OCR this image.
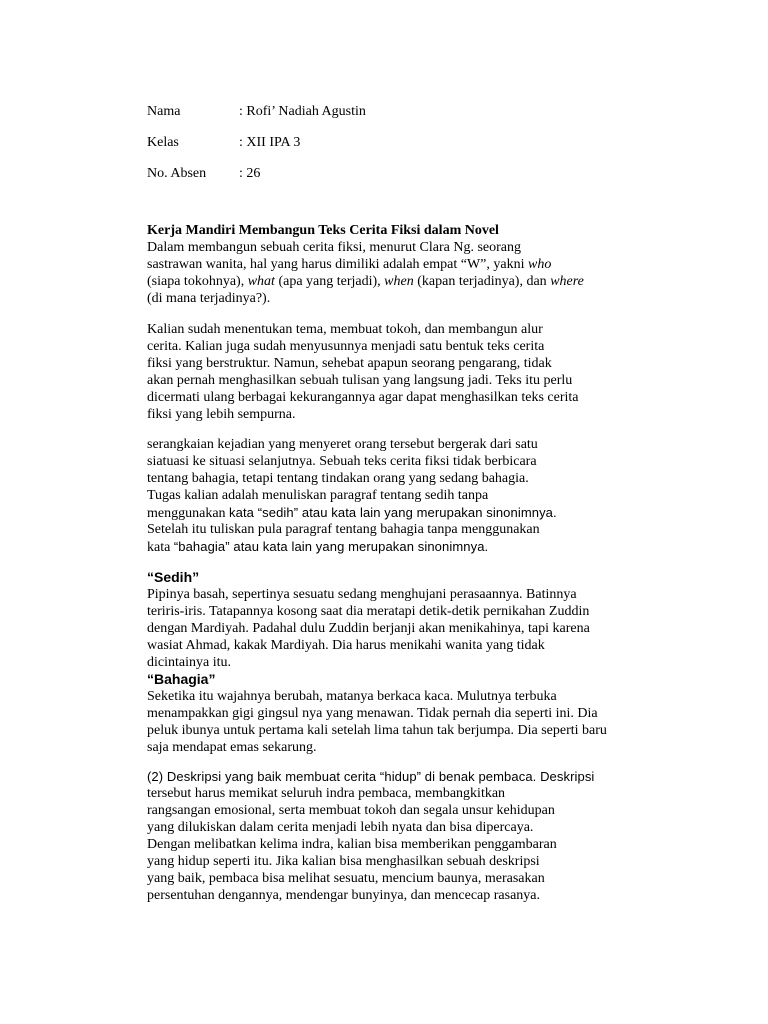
Nama	: Rofi’ Nadiah Agustin
Kelas	: XII IPA 3
No. Absen : 26
Kerja Mandiri Membangun Teks Cerita Fiksi dalam Novel
Dalam membangun sebuah cerita fiksi, menurut Clara Ng. seorang
sastrawan wanita, hal yang harus dimiliki adalah empat “W”, yakni who
(siapa tokohnya), what (apa yang terjadi), when (kapan terjadinya), dan where
(di mana terjadinya?).
Kalian sudah menentukan tema, membuat tokoh, dan membangun alur
cerita. Kalian juga sudah menyusunnya menjadi satu bentuk teks cerita
fiksi yang berstruktur. Namun, sehebat apapun seorang pengarang, tidak
akan pernah menghasilkan sebuah tulisan yang langsung jadi. Teks itu perlu
dicermati ulang berbagai kekurangannya agar dapat menghasilkan teks cerita
fiksi yang lebih sempurna.
serangkaian kejadian yang menyeret orang tersebut bergerak dari satu
siatuasi ke situasi selanjutnya. Sebuah teks cerita fiksi tidak berbicara
tentang bahagia, tetapi tentang tindakan orang yang sedang bahagia.
Tugas kalian adalah menuliskan paragraf tentang sedih tanpa
menggunakan kata “sedih” atau kata lain yang merupakan sinonimnya.
Setelah itu tuliskan pula paragraf tentang bahagia tanpa menggunakan
kata “bahagia” atau kata lain yang merupakan sinonimnya.
“Sedih”
Pipinya basah, sepertinya sesuatu sedang menghujani perasaannya. Batinnya
teriris-iris. Tatapannya kosong saat dia meratapi detik-detik pernikahan Zuddin
dengan Mardiyah. Padahal dulu Zuddin berjanji akan menikahinya, tapi karena
wasiat Ahmad, kakak Mardiyah. Dia harus menikahi wanita yang tidak
dicintainya itu.
“Bahagia”
Seketika itu wajahnya berubah, matanya berkaca kaca. Mulutnya terbuka
menampakkan gigi gingsul nya yang menawan. Tidak pernah dia seperti ini. Dia
peluk ibunya untuk pertama kali setelah lima tahun tak berjumpa. Dia seperti baru
saja mendapat emas sekarung.
(2) Deskripsi yang baik membuat cerita “hidup” di benak pembaca. Deskripsi
tersebut harus memikat seluruh indra pembaca, membangkitkan
rangsangan emosional, serta membuat tokoh dan segala unsur kehidupan
yang dilukiskan dalam cerita menjadi lebih nyata dan bisa dipercaya.
Dengan melibatkan kelima indra, kalian bisa memberikan penggambaran
yang hidup seperti itu. Jika kalian bisa menghasilkan sebuah deskripsi
yang baik, pembaca bisa melihat sesuatu, mencium baunya, merasakan
persentuhan dengannya, mendengar bunyinya, dan mencecap rasanya.
